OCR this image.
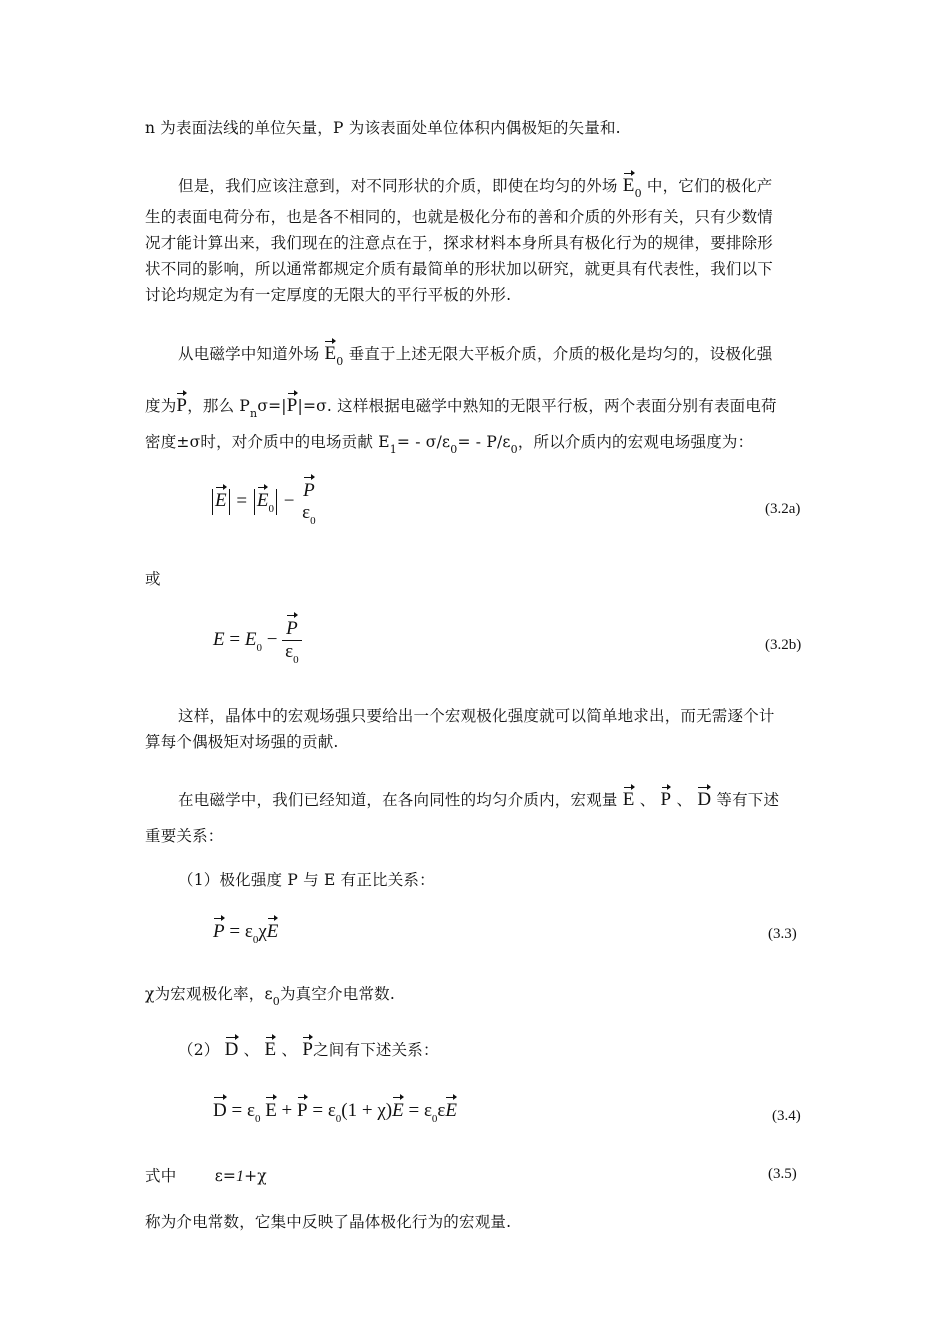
n 为表面法线的单位矢量，P 为该表面处单位体积内偶极矩的矢量和.
但是，我们应该注意到，对不同形状的介质，即使在均匀的外场 $E_0$ 中，它们的极化产
生的表面电荷分布，也是各不相同的，也就是极化分布的善和介质的外形有关，只有少数情
况才能计算出来，我们现在的注意点在于，探求材料本身所具有极化行为的规律，要排除形
状不同的影响，所以通常都规定介质有最简单的形状加以研究，就更具有代表性，我们以下
讨论均规定为有一定厚度的无限大的平行平板的外形.
从电磁学中知道外场 $E_0$ 垂直于上述无限大平板介质，介质的极化是均匀的，设极化强
度为P，那么 $P_n\sigma=|P|=\sigma$. 这样根据电磁学中熟知的无限平行板，两个表面分别有表面电荷
密度±σ时，对介质中的电场贡献 $E_1= - \sigma/\varepsilon_0= - P/\varepsilon_0$，所以介质内的宏观电场强度为：
$E = E_0 - P$
$\varepsilon_0$
(3.2a)
或
$E = E_0 - \frac{P}{\varepsilon_0}$	(3.2b)
这样，晶体中的宏观场强只要给出一个宏观极化强度就可以简单地求出，而无需逐个计
算每个偶极矩对场强的贡献.
在电磁学中，我们已经知道，在各向同性的均匀介质内，宏观量 E 、 P 、 D 等有下述
重要关系：
（1）极化强度 P 与 E 有正比关系：
$P = \varepsilon_0\chi E$	(3.3)
χ为宏观极化率，$\varepsilon_0$为真空介电常数.
（2） D 、 E 、 P之间有下述关系：
$D = \varepsilon_0$ $E + P = \varepsilon_0(1 + \chi)E = \varepsilon_0\varepsilon E$	(3.4)
式中 ε=1+χ	(3.5)
称为介电常数，它集中反映了晶体极化行为的宏观量.
